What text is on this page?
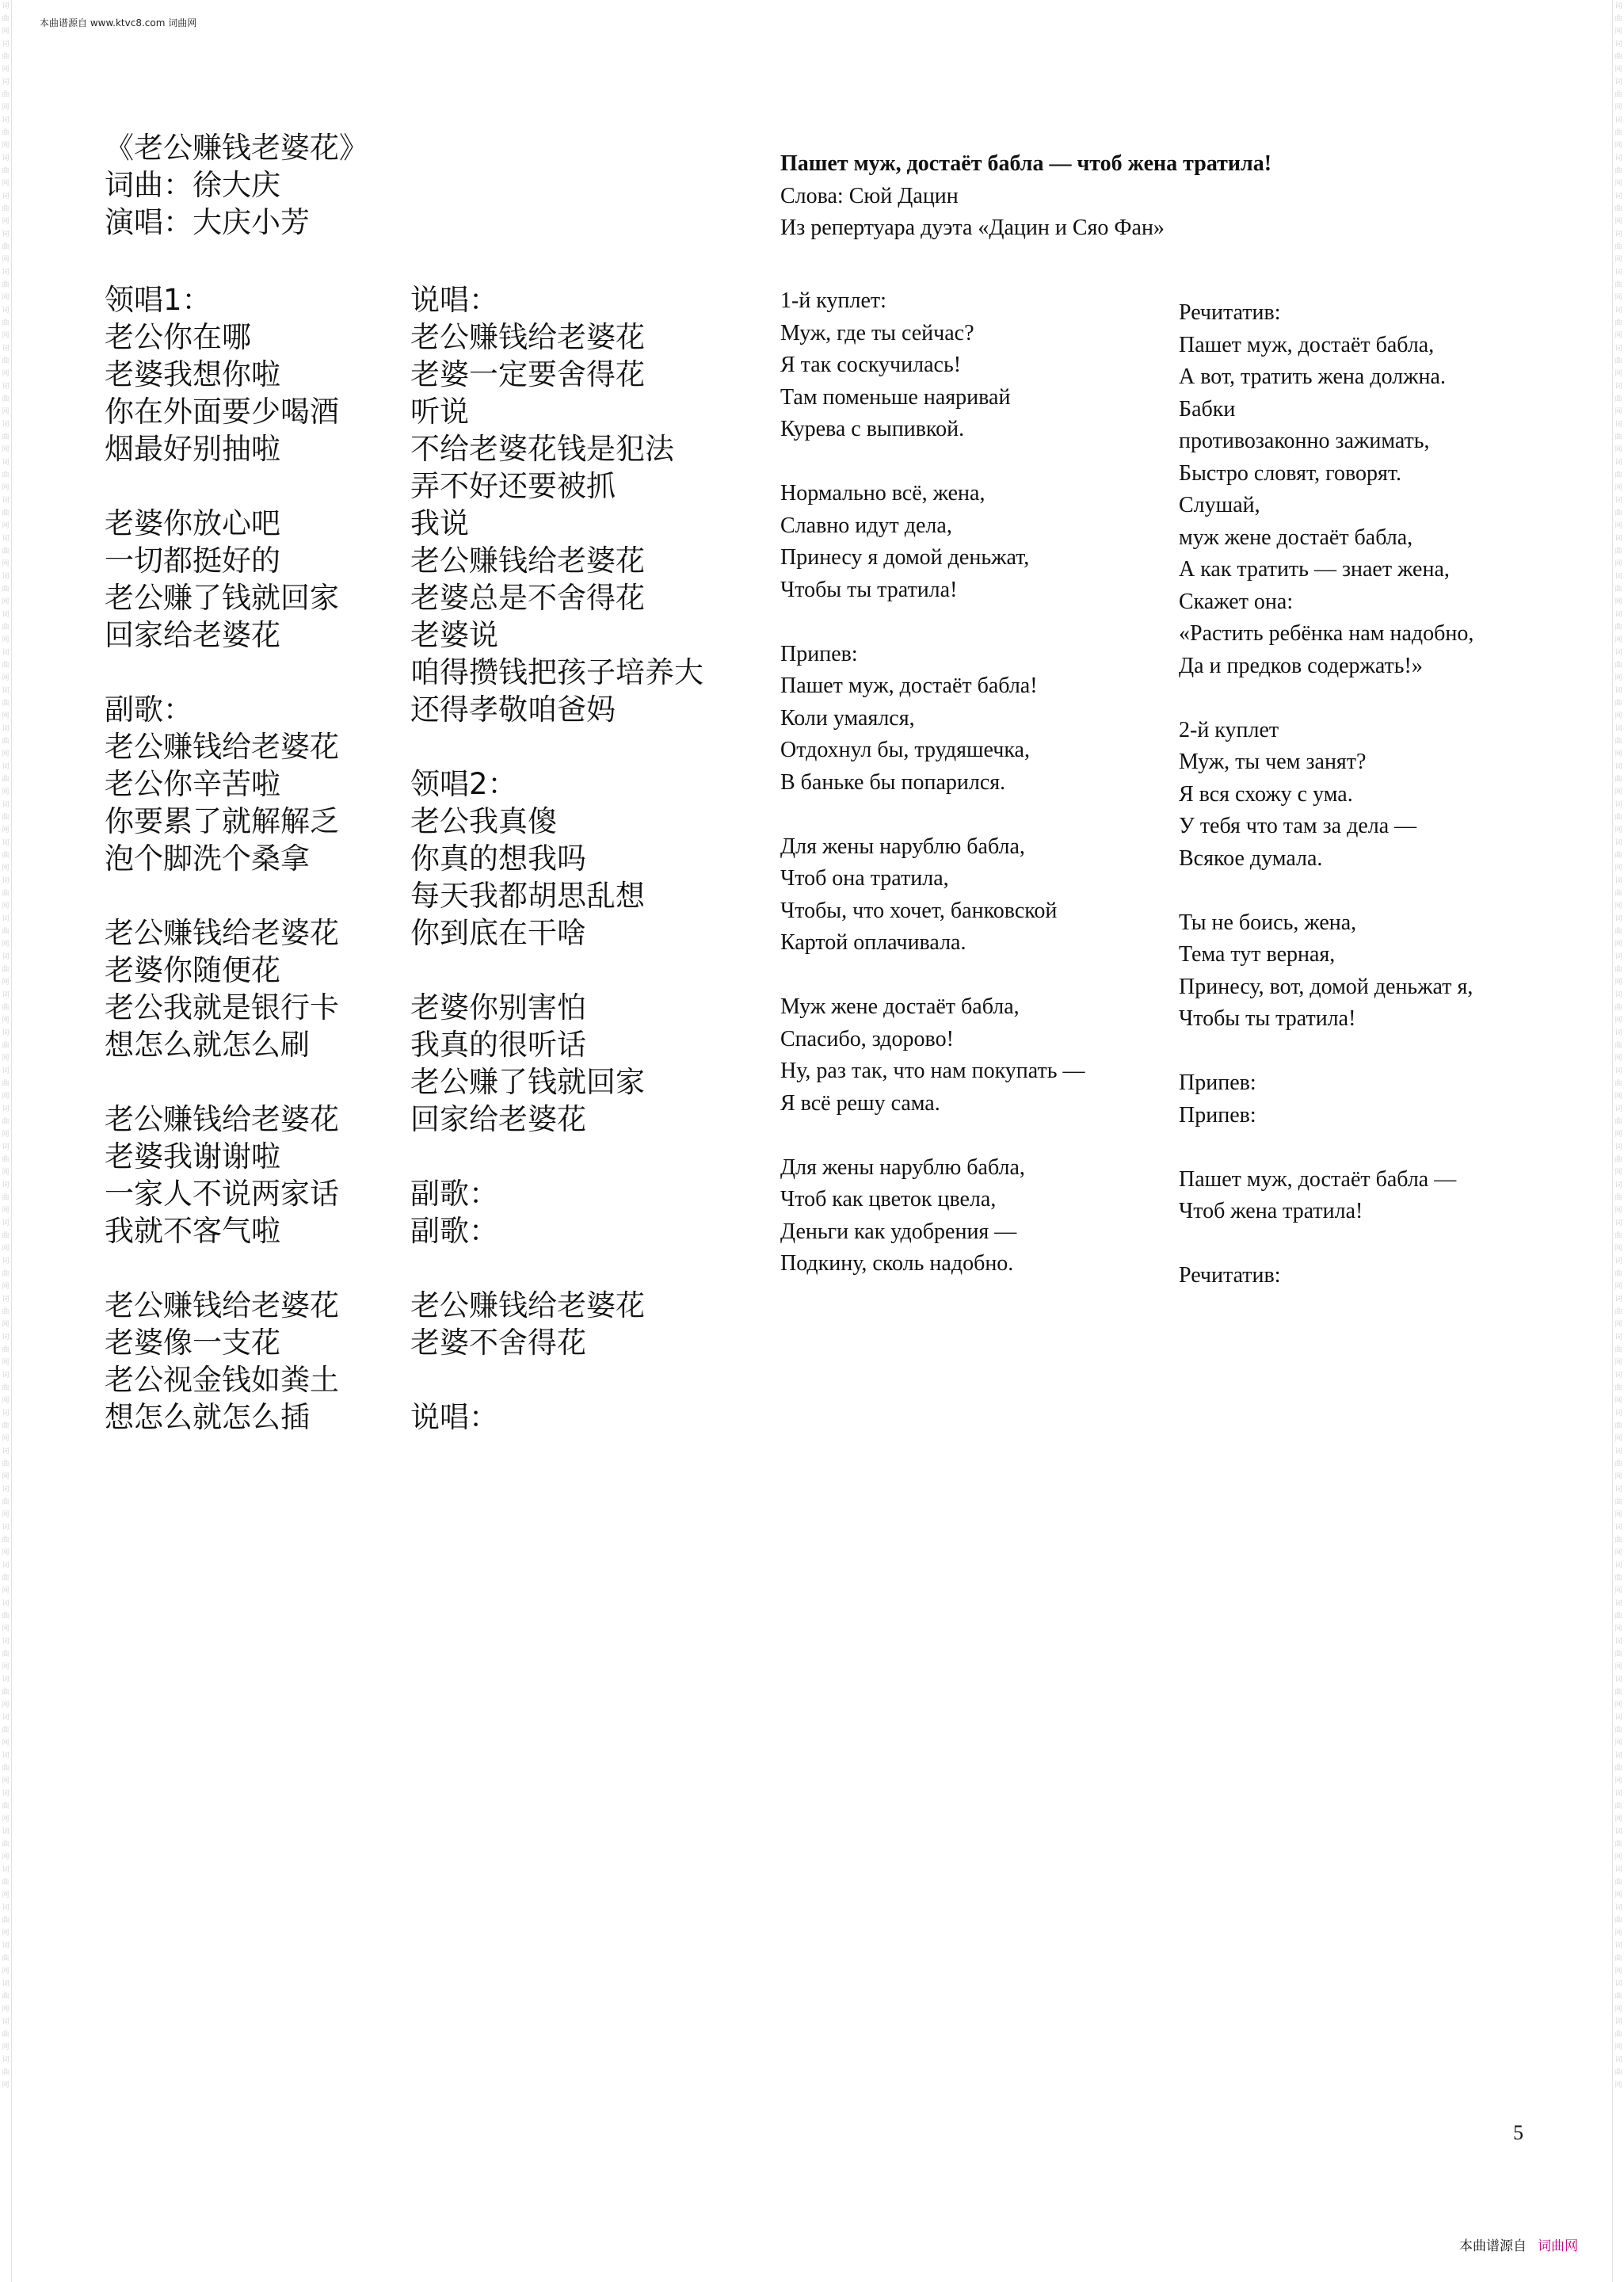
本曲谱源自 www.ktvc8.com 词曲网
词曲网
词曲网
词曲网
词曲网
词曲网
词曲网
词曲网
词曲网
词曲网
词曲网
词曲网
词曲网
词曲网
词曲网
词曲网
词曲网
词曲网
词曲网
词曲网
词曲网
词曲网
词曲网
词曲网
词曲网
词曲网
词曲网
词曲网
词曲网
词曲网
词曲网
词曲网
词曲网
词曲网
词曲网
词曲网
词曲网
词曲网
词曲网
词曲网
词曲网
词曲网
词曲网
词曲网
词曲网
词曲网
词曲网
词曲网
词曲网
词曲网
词曲网
词曲网
词曲网
词曲网
词曲网
词曲网
词曲网
词曲网
词曲网
词曲网
词曲网
词曲网
词曲网
词曲网
词曲网
词曲网
词曲网
词曲网
词曲网
词曲网
词曲网
词曲网
词曲网
词曲网
词曲网
词曲网
词曲网
词曲网
词曲网
词曲网
词曲网
词曲网
词曲网
词曲网
词曲网
词曲网
词曲网
词曲网
词曲网
词曲网
词曲网
词曲网
词曲网
词曲网
词曲网
词曲网
词曲网
词曲网
词曲网
词曲网
词曲网
词曲网
词曲网
词曲网
词曲网
词曲网
词曲网
词曲网
词曲网
词曲网
词曲网
《老公赚钱老婆花》
词曲：徐大庆
演唱：大庆小芳
领唱1：
老公你在哪
老婆我想你啦
你在外面要少喝酒
烟最好别抽啦
老婆你放心吧
一切都挺好的
老公赚了钱就回家
回家给老婆花
副歌：
老公赚钱给老婆花
老公你辛苦啦
你要累了就解解乏
泡个脚洗个桑拿
老公赚钱给老婆花
老婆你随便花
老公我就是银行卡
想怎么就怎么刷
老公赚钱给老婆花
老婆我谢谢啦
一家人不说两家话
我就不客气啦
老公赚钱给老婆花
老婆像一支花
老公视金钱如粪土
想怎么就怎么插
说唱：
老公赚钱给老婆花
老婆一定要舍得花
听说
不给老婆花钱是犯法
弄不好还要被抓
我说
老公赚钱给老婆花
老婆总是不舍得花
老婆说
咱得攒钱把孩子培养大
还得孝敬咱爸妈
领唱2：
老公我真傻
你真的想我吗
每天我都胡思乱想
你到底在干啥
老婆你别害怕
我真的很听话
老公赚了钱就回家
回家给老婆花
副歌：
副歌：
老公赚钱给老婆花
老婆不舍得花
说唱：
Пашет муж, достаёт бабла — чтоб жена тратила!
Слова: Сюй Дацин
Из репертуара дуэта «Дацин и Сяо Фан»
1-й куплет:
Муж, где ты сейчас?
Я так соскучилась!
Там поменьше наяривай
Курева с выпивкой.
Нормально всё, жена,
Славно идут дела,
Принесу я домой деньжат,
Чтобы ты тратила!
Припев:
Пашет муж, достаёт бабла!
Коли умаялся,
Отдохнул бы, трудяшечка,
В баньке бы попарился.
Для жены нарублю бабла,
Чтоб она тратила,
Чтобы, что хочет, банковской
Картой оплачивала.
Муж жене достаёт бабла,
Спасибо, здорово!
Ну, раз так, что нам покупать —
Я всё решу сама.
Для жены нарублю бабла,
Чтоб как цветок цвела,
Деньги как удобрения —
Подкину, сколь надобно.
Речитатив:
Пашет муж, достаёт бабла,
А вот, тратить жена должна.
Бабки
противозаконно зажимать,
Быстро словят, говорят.
Слушай,
муж жене достаёт бабла,
А как тратить — знает жена,
Скажет она:
«Растить ребёнка нам надобно,
Да и предков содержать!»
2-й куплет
Муж, ты чем занят?
Я вся схожу с ума.
У тебя что там за дела —
Всякое думала.
Ты не боись, жена,
Тема тут верная,
Принесу, вот, домой деньжат я,
Чтобы ты тратила!
Припев:
Припев:
Пашет муж, достаёт бабла —
Чтоб жена тратила!
Речитатив:
5
本曲谱源自 词曲网
